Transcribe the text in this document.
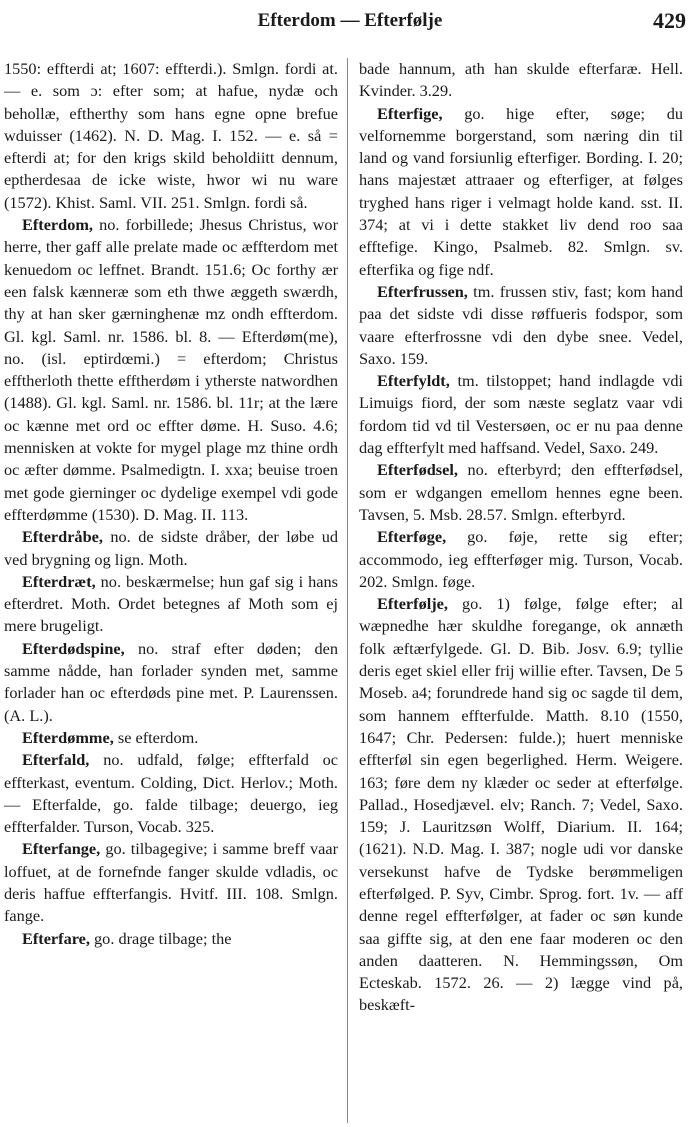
Efterdom — Efterfølje	429

1550: effterdi at; 1607: effterdi.). Smlgn. fordi at. — e. som ɔ: efter som; at hafue, nydæ och behollæ, eftherthy som hans egne opne brefue wduisser (1462). N. D. Mag. I. 152. — e. så = efterdi at; for den krigs skild beholdiitt dennum, eptherdesaa de icke wiste, hwor wi nu ware (1572). Khist. Saml. VII. 251. Smlgn. fordi så.

Efterdom, no. forbillede; Jhesus Christus, wor herre, ther gaff alle prelate made oc æffterdom met kenuedom oc leffnet. Brandt. 151.6; Oc forthy ær een falsk kænneræ som eth thwe æggeth swærdh, thy at han sker gærninghenæ mz ondh effterdom. Gl. kgl. Saml. nr. 1586. bl. 8. — Efterdøm(me), no. (isl. eptirdœmi.) = efterdom; Christus efftherloth thette efftherdøm i ytherste natwordhen (1488). Gl. kgl. Saml. nr. 1586. bl. 11r; at the lære oc kænne met ord oc effter døme. H. Suso. 4.6; mennisken at vokte for mygel plage mz thine ordh oc æfter dømme. Psalmedigtn. I. xxa; beuise troen met gode gierninger oc dydelige exempel vdi gode effterdømme (1530). D. Mag. II. 113.

Efterdråbe, no. de sidste dråber, der løbe ud ved brygning og lign. Moth.

Efterdræt, no. beskærmelse; hun gaf sig i hans efterdret. Moth. Ordet betegnes af Moth som ej mere brugeligt.

Efterdødspine, no. straf efter døden; den samme nådde, han forlader synden met, samme forlader han oc efterdøds pine met. P. Laurenssen. (A. L.).

Efterdømme, se efterdom.

Efterfald, no. udfald, følge; effterfald oc effterkast, eventum. Colding, Dict. Herlov.; Moth. — Efterfalde, go. falde tilbage; deuergo, ieg effterfalder. Turson, Vocab. 325.

Efterfange, go. tilbagegive; i samme breff vaar loffuet, at de fornefnde fanger skulde vdladis, oc deris haffue effterfangis. Hvitf. III. 108. Smlgn. fange.

Efterfare, go. drage tilbage; the

bade hannum, ath han skulde efterfaræ. Hell. Kvinder. 3.29.

Efterfige, go. hige efter, søge; du velfornemme borgerstand, som næring din til land og vand forsiunlig efterfiger. Bording. I. 20; hans majestæt attraaer og efterfiger, at følges tryghed hans riger i velmagt holde kand. sst. II. 374; at vi i dette stakket liv dend roo saa efftefige. Kingo, Psalmeb. 82. Smlgn. sv. efterfika og fige ndf.

Efterfrussen, tm. frussen stiv, fast; kom hand paa det sidste vdi disse røffueris fodspor, som vaare efterfrossne vdi den dybe snee. Vedel, Saxo. 159.

Efterfyldt, tm. tilstoppet; hand indlagde vdi Limuigs fiord, der som næste seglatz vaar vdi fordom tid vd til Vestersøen, oc er nu paa denne dag effterfylt med haffsand. Vedel, Saxo. 249.

Efterfødsel, no. efterbyrd; den effterfødsel, som er wdgangen emellom hennes egne been. Tavsen, 5. Msb. 28.57. Smlgn. efterbyrd.

Efterføge, go. føje, rette sig efter; accommodo, ieg effterføger mig. Turson, Vocab. 202. Smlgn. føge.

Efterfølje, go. 1) følge, følge efter; al wæpnedhe hær skuldhe foregange, ok annæth folk æftærfylgede. Gl. D. Bib. Josv. 6.9; tyllie deris eget skiel eller frij willie efter. Tavsen, De 5 Moseb. a4; forundrede hand sig oc sagde til dem, som hannem effterfulde. Matth. 8.10 (1550, 1647; Chr. Pedersen: fulde.); huert menniske effterføl sin egen begerlighed. Herm. Weigere. 163; føre dem ny klæder oc seder at efterfølge. Pallad., Hosedjævel. elv; Ranch. 7; Vedel, Saxo. 159; J. Lauritzsøn Wolff, Diarium. II. 164; (1621). N.D. Mag. I. 387; nogle udi vor danske versekunst hafve de Tydske berømmeligen efterfølged. P. Syv, Cimbr. Sprog. fort. 1v. — aff denne regel effterfølger, at fader oc søn kunde saa giffte sig, at den ene faar moderen oc den anden daatteren. N. Hemmingssøn, Om Ecteskab. 1572. 26. — 2) lægge vind på, beskæft-
